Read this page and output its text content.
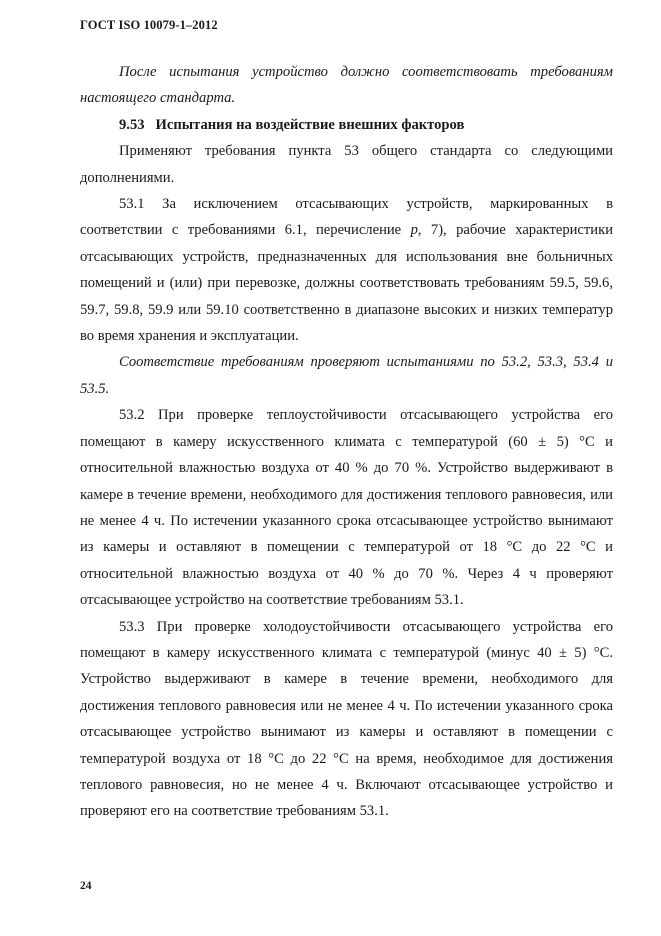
ГОСТ ISO 10079-1–2012

После испытания устройство должно соответствовать требованиям настоящего стандарта.

9.53 Испытания на воздействие внешних факторов

Применяют требования пункта 53 общего стандарта со следующими дополнениями.

53.1 За исключением отсасывающих устройств, маркированных в соответствии с требованиями 6.1, перечисление p, 7), рабочие характеристики отсасывающих устройств, предназначенных для использования вне больничных помещений и (или) при перевозке, должны соответствовать требованиям 59.5, 59.6, 59.7, 59.8, 59.9 или 59.10 соответственно в диапазоне высоких и низких температур во время хранения и эксплуатации.

Соответствие требованиям проверяют испытаниями по 53.2, 53.3, 53.4 и 53.5.

53.2 При проверке теплоустойчивости отсасывающего устройства его помещают в камеру искусственного климата с температурой (60 ± 5) °С и относительной влажностью воздуха от 40 % до 70 %. Устройство выдерживают в камере в течение времени, необходимого для достижения теплового равновесия, или не менее 4 ч. По истечении указанного срока отсасывающее устройство вынимают из камеры и оставляют в помещении с температурой от 18 °С до 22 °С и относительной влажностью воздуха от 40 % до 70 %. Через 4 ч проверяют отсасывающее устройство на соответствие требованиям 53.1.

53.3 При проверке холодоустойчивости отсасывающего устройства его помещают в камеру искусственного климата с температурой (минус 40 ± 5) °С. Устройство выдерживают в камере в течение времени, необходимого для достижения теплового равновесия или не менее 4 ч. По истечении указанного срока отсасывающее устройство вынимают из камеры и оставляют в помещении с температурой воздуха от 18 °С до 22 °С на время, необходимое для достижения теплового равновесия, но не менее 4 ч. Включают отсасывающее устройство и проверяют его на соответствие требованиям 53.1.

24
